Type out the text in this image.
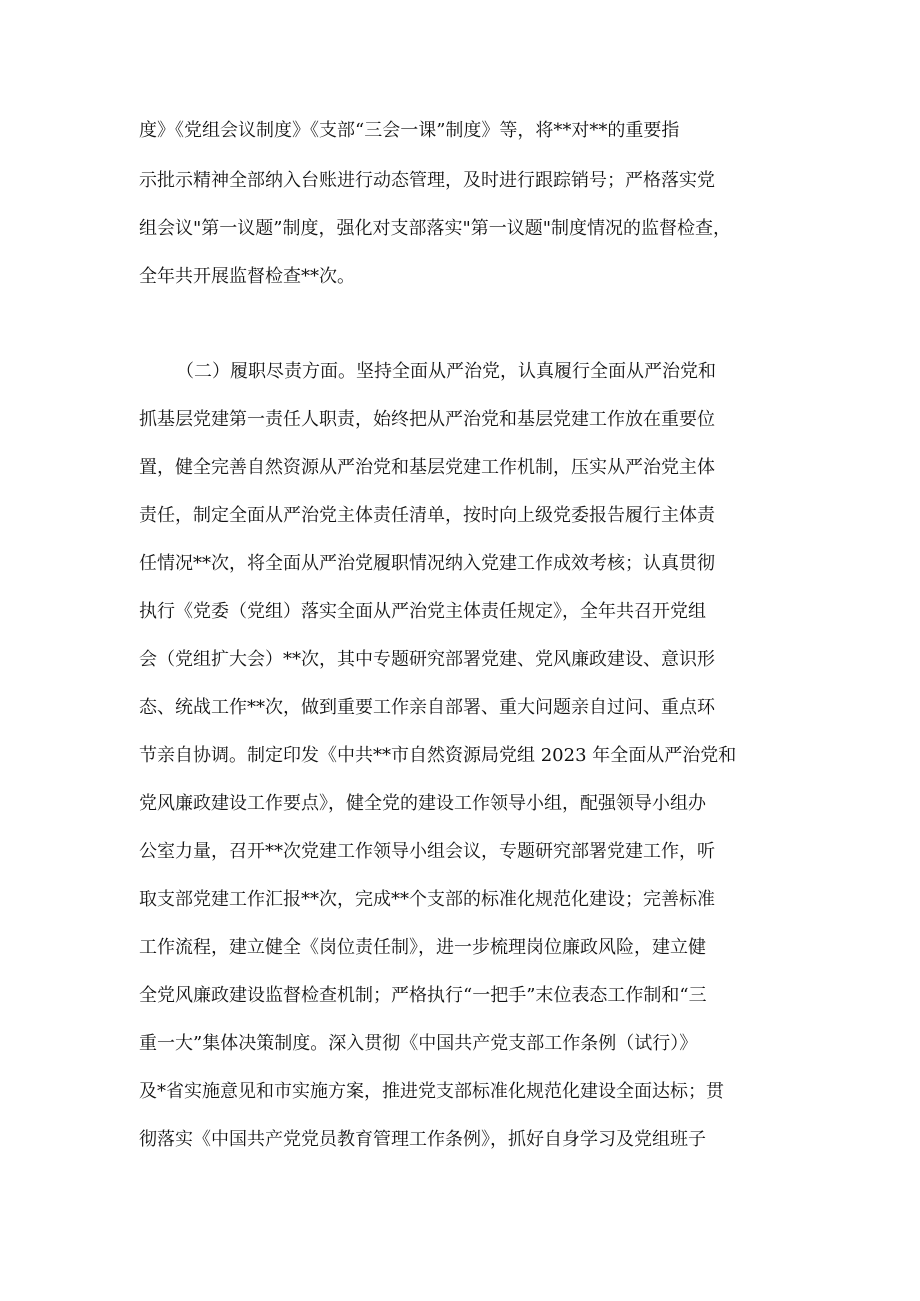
度》《党组会议制度》《支部“三会一课”制度》等，将**对**的重要指
示批示精神全部纳入台账进行动态管理，及时进行跟踪销号；严格落实党
组会议"第一议题”制度，强化对支部落实"第一议题"制度情况的监督检查，
全年共开展监督检查**次。
（二）履职尽责方面。坚持全面从严治党，认真履行全面从严治党和
抓基层党建第一责任人职责，始终把从严治党和基层党建工作放在重要位
置，健全完善自然资源从严治党和基层党建工作机制，压实从严治党主体
责任，制定全面从严治党主体责任清单，按时向上级党委报告履行主体责
任情况**次，将全面从严治党履职情况纳入党建工作成效考核；认真贯彻
执行《党委（党组）落实全面从严治党主体责任规定》，全年共召开党组
会（党组扩大会）**次，其中专题研究部署党建、党风廉政建设、意识形
态、统战工作**次，做到重要工作亲自部署、重大问题亲自过问、重点环
节亲自协调。制定印发《中共**市自然资源局党组 2023 年全面从严治党和
党风廉政建设工作要点》，健全党的建设工作领导小组，配强领导小组办
公室力量，召开**次党建工作领导小组会议，专题研究部署党建工作，听
取支部党建工作汇报**次，完成**个支部的标准化规范化建设；完善标准
工作流程，建立健全《岗位责任制》，进一步梳理岗位廉政风险，建立健
全党风廉政建设监督检查机制；严格执行“一把手”末位表态工作制和“三
重一大”集体决策制度。深入贯彻《中国共产党支部工作条例（试行）》
及*省实施意见和市实施方案，推进党支部标准化规范化建设全面达标；贯
彻落实《中国共产党党员教育管理工作条例》，抓好自身学习及党组班子
